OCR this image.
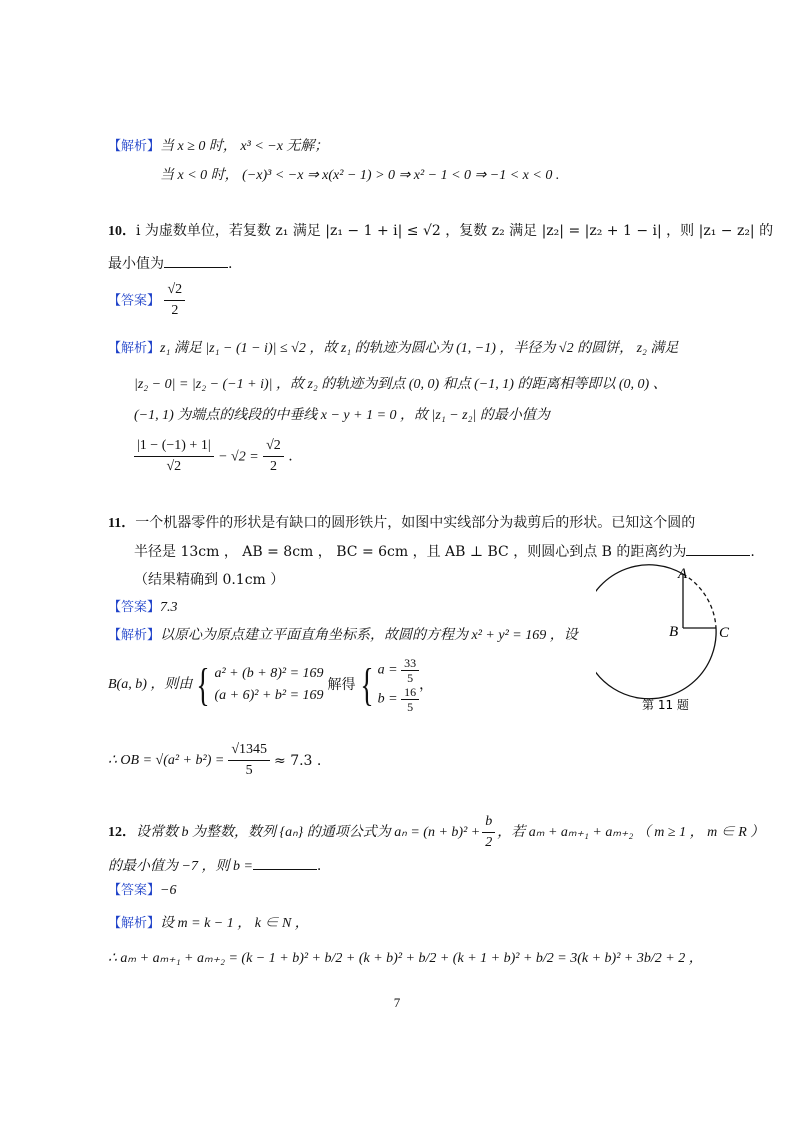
【解析】当 x ≥ 0 时， x³ < −x 无解；
当 x < 0 时， (−x)³ < −x ⇒ x(x² − 1) > 0 ⇒ x² − 1 < 0 ⇒ −1 < x < 0 .
10．i 为虚数单位，若复数 z₁ 满足 |z₁ − 1 + i| ≤ √2 ，复数 z₂ 满足 |z₂| = |z₂ + 1 − i| ，则 |z₁ − z₂| 的
最小值为	.
【答案】 $\frac{√2}{2}$
【解析】z₁ 满足 |z₁ − (1 − i)| ≤ √2 ，故 z₁ 的轨迹为圆心为 (1, −1) ，半径为 √2 的圆饼， z₂ 满足
|z₂ − 0| = |z₂ − (−1 + i)| ，故 z₂ 的轨迹为到点 (0, 0) 和点 (−1, 1) 的距离相等即以 (0, 0) 、
(−1, 1) 为端点的线段的中垂线 x − y + 1 = 0 ，故 |z₁ − z₂| 的最小值为
$\frac{|1 - (-1) + 1|}{√2} - √2 = \frac{√2}{2}$ .
11．一个机器零件的形状是有缺口的圆形铁片，如图中实线部分为裁剪后的形状。已知这个圆的
半径是 13cm ， AB = 8cm ， BC = 6cm ，且 AB ⊥ BC ，则圆心到点 B 的距离约为	.
（结果精确到 0.1cm ）
【答案】7.3
【解析】以原心为原点建立平面直角坐标系，故圆的方程为 x² + y² = 169 ，设
B(a, b) ，则由 { a² + (b + 8)² = 169
(a + 6)² + b² = 169
解得 { $a = \frac{33}{5}$
$b = \frac{16}{5}$ ，
∴ OB = $√(a^2 + b^2) = \frac{√1345}{5} \approx 7.3$ .
A
B	C
第 11 题
12． 设常数 b 为整数，数列 {aₙ} 的通项公式为 $a_n = (n + b)^2 + \frac{b}{2}$ ，若 aₘ + aₘ₊₁ + aₘ₊₂ （ m ≥ 1 ， m ∈ R ）
的最小值为 −7 ，则 b =	.
【答案】−6
【解析】设 m = k − 1 ， k ∈ N ，
∴ aₘ + aₘ₊₁ + aₘ₊₂ = (k − 1 + b)² + b/2 + (k + b)² + b/2 + (k + 1 + b)² + b/2 = 3(k + b)² + 3b/2 + 2 ，
7
